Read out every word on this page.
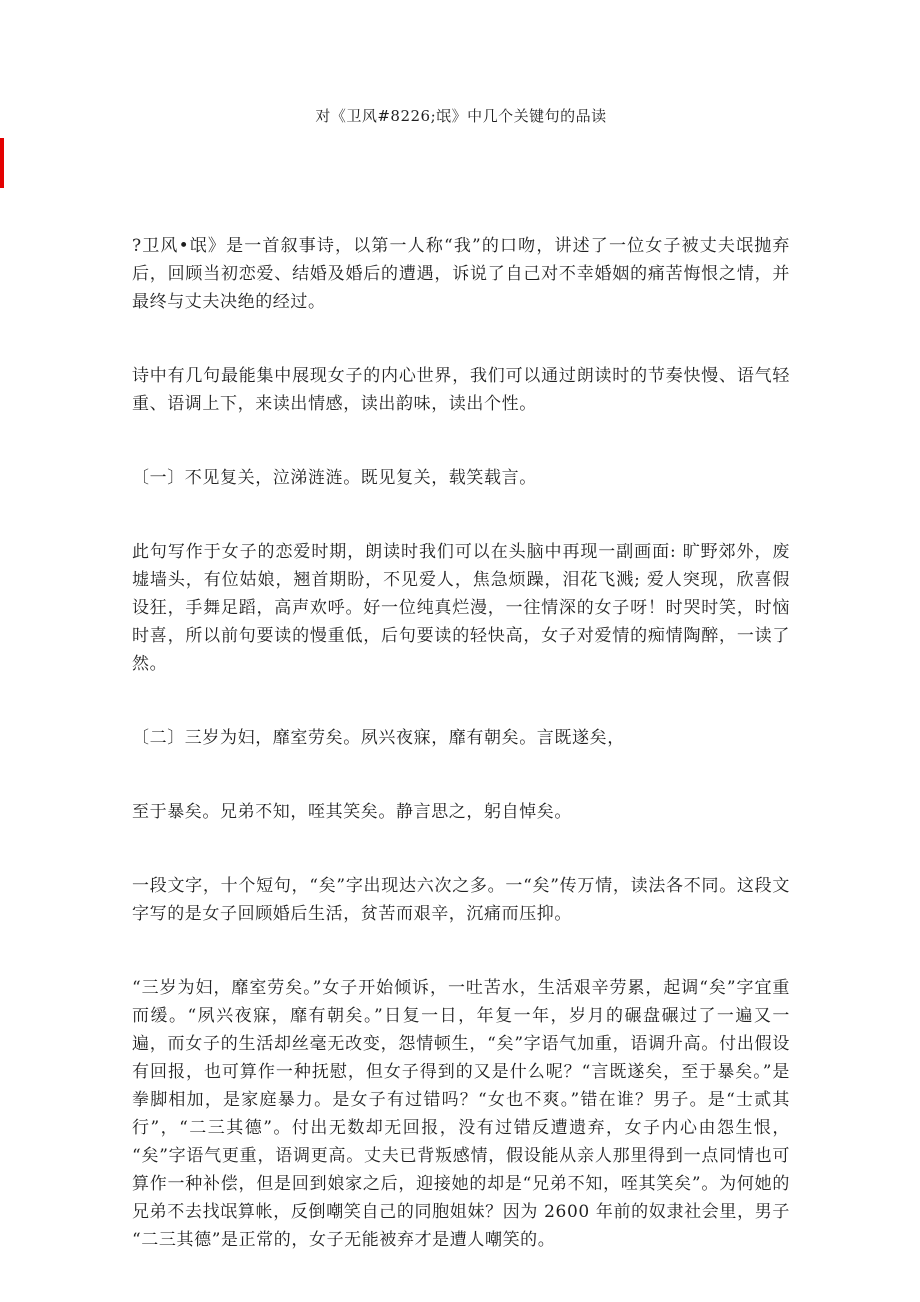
对《卫风#8226;氓》中几个关键句的品读

?卫风•氓》是一首叙事诗，以第一人称“我”的口吻，讲述了一位女子被丈夫氓抛弃后，回顾当初恋爱、结婚及婚后的遭遇，诉说了自己对不幸婚姻的痛苦悔恨之情，并最终与丈夫决绝的经过。

诗中有几句最能集中展现女子的内心世界，我们可以通过朗读时的节奏快慢、语气轻重、语调上下，来读出情感，读出韵味，读出个性。

〔一〕不见复关，泣涕涟涟。既见复关，载笑载言。

此句写作于女子的恋爱时期，朗读时我们可以在头脑中再现一副画面: 旷野郊外，废墟墙头，有位姑娘，翘首期盼，不见爱人，焦急烦躁，泪花飞溅; 爱人突现，欣喜假设狂，手舞足蹈，高声欢呼。好一位纯真烂漫，一往情深的女子呀！时哭时笑，时恼时喜，所以前句要读的慢重低，后句要读的轻快高，女子对爱情的痴情陶醉，一读了然。

〔二〕三岁为妇，靡室劳矣。夙兴夜寐，靡有朝矣。言既遂矣，

至于暴矣。兄弟不知，咥其笑矣。静言思之，躬自悼矣。

一段文字，十个短句，“矣”字出现达六次之多。一“矣”传万情，读法各不同。这段文字写的是女子回顾婚后生活，贫苦而艰辛，沉痛而压抑。

“三岁为妇，靡室劳矣。”女子开始倾诉，一吐苦水，生活艰辛劳累，起调“矣”字宜重而缓。“夙兴夜寐，靡有朝矣。”日复一日，年复一年，岁月的碾盘碾过了一遍又一遍，而女子的生活却丝毫无改变，怨情顿生，“矣”字语气加重，语调升高。付出假设有回报，也可算作一种抚慰，但女子得到的又是什么呢？“言既遂矣，至于暴矣。”是拳脚相加，是家庭暴力。是女子有过错吗？“女也不爽。”错在谁？男子。是“士贰其行”，“二三其德”。付出无数却无回报，没有过错反遭遗弃，女子内心由怨生恨，“矣”字语气更重，语调更高。丈夫已背叛感情，假设能从亲人那里得到一点同情也可算作一种补偿，但是回到娘家之后，迎接她的却是“兄弟不知，咥其笑矣”。为何她的兄弟不去找氓算帐，反倒嘲笑自己的同胞姐妹？因为 2600 年前的奴隶社会里，男子“二三其德”是正常的，女子无能被弃才是遭人嘲笑的。
